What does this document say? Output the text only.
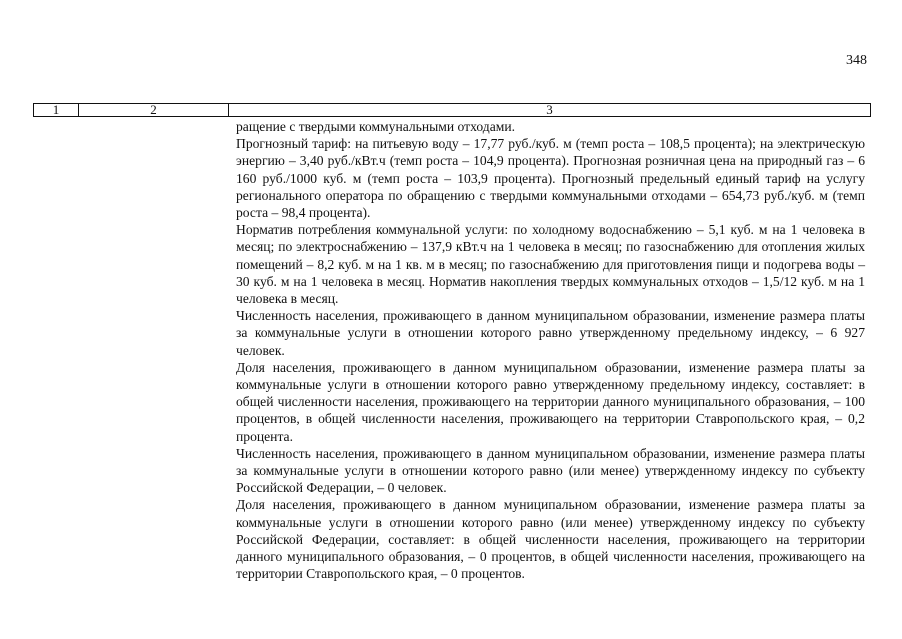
348
1	2	3

ращение с твердыми коммунальными отходами.

Прогнозный тариф: на питьевую воду – 17,77 руб./куб. м (темп роста – 108,5 процента); на электрическую энергию – 3,40 руб./кВт.ч (темп роста – 104,9 процента). Прогнозная розничная цена на природный газ – 6 160 руб./1000 куб. м (темп роста – 103,9 процента). Прогнозный предельный единый тариф на услугу регионального оператора по обращению с твердыми коммунальными отходами – 654,73 руб./куб. м (темп роста – 98,4 процента).

Норматив потребления коммунальной услуги: по холодному водоснабжению – 5,1 куб. м на 1 человека в месяц; по электроснабжению – 137,9 кВт.ч на 1 человека в месяц; по газоснабжению для отопления жилых помещений – 8,2 куб. м на 1 кв. м в месяц; по газоснабжению для приготовления пищи и подогрева воды – 30 куб. м на 1 человека в месяц. Норматив накопления твердых коммунальных отходов – 1,5/12 куб. м на 1 человека в месяц.

Численность населения, проживающего в данном муниципальном образовании, изменение размера платы за коммунальные услуги в отношении которого равно утвержденному предельному индексу, – 6 927 человек.

Доля населения, проживающего в данном муниципальном образовании, изменение размера платы за коммунальные услуги в отношении которого равно утвержденному предельному индексу, составляет: в общей численности населения, проживающего на территории данного муниципального образования, – 100 процентов, в общей численности населения, проживающего на территории Ставропольского края, – 0,2 процента.

Численность населения, проживающего в данном муниципальном образовании, изменение размера платы за коммунальные услуги в отношении которого равно (или менее) утвержденному индексу по субъекту Российской Федерации, – 0 человек.

Доля населения, проживающего в данном муниципальном образовании, изменение размера платы за коммунальные услуги в отношении которого равно (или менее) утвержденному индексу по субъекту Российской Федерации, составляет: в общей численности населения, проживающего на территории данного муниципального образования, – 0 процентов, в общей численности населения, проживающего на территории Ставропольского края, – 0 процентов.
